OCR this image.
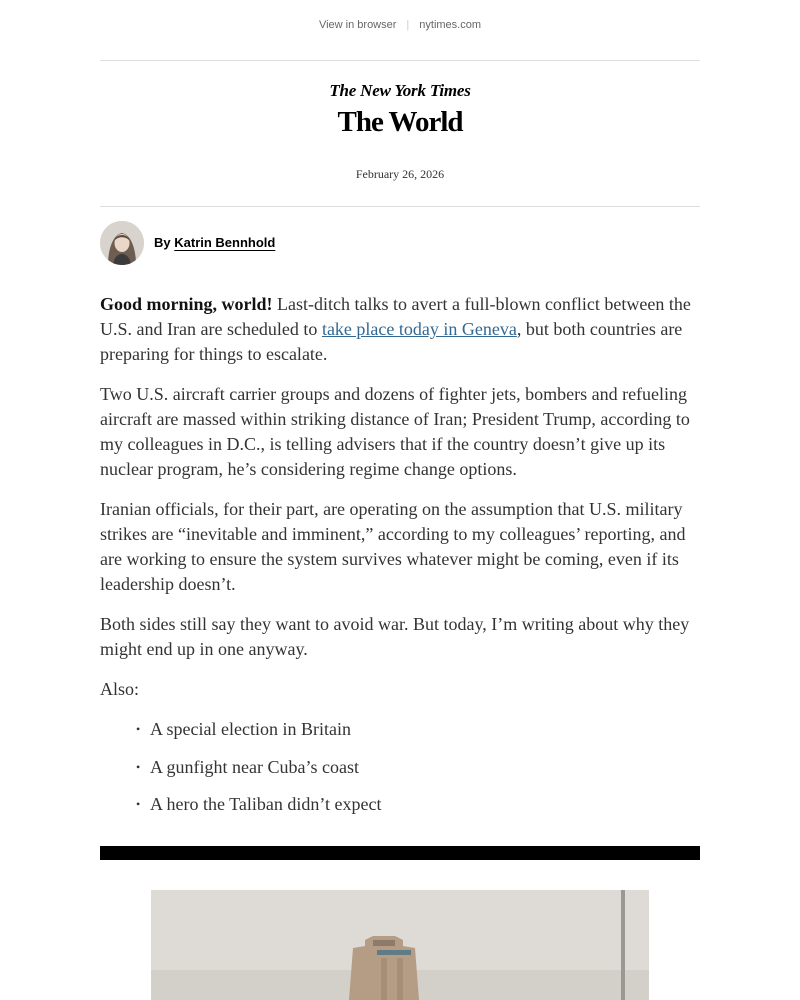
View in browser | nytimes.com
The New York Times
The World
February 26, 2026
By Katrin Bennhold

Good morning, world! Last-ditch talks to avert a full-blown conflict between the U.S. and Iran are scheduled to take place today in Geneva, but both countries are preparing for things to escalate.

Two U.S. aircraft carrier groups and dozens of fighter jets, bombers and refueling aircraft are massed within striking distance of Iran; President Trump, according to my colleagues in D.C., is telling advisers that if the country doesn’t give up its nuclear program, he’s considering regime change options.

Iranian officials, for their part, are operating on the assumption that U.S. military strikes are “inevitable and imminent,” according to my colleagues’ reporting, and are working to ensure the system survives whatever might be coming, even if its leadership doesn’t.

Both sides still say they want to avoid war. But today, I’m writing about why they might end up in one anyway.

Also:

• A special election in Britain
• A gunfight near Cuba’s coast
• A hero the Taliban didn’t expect
